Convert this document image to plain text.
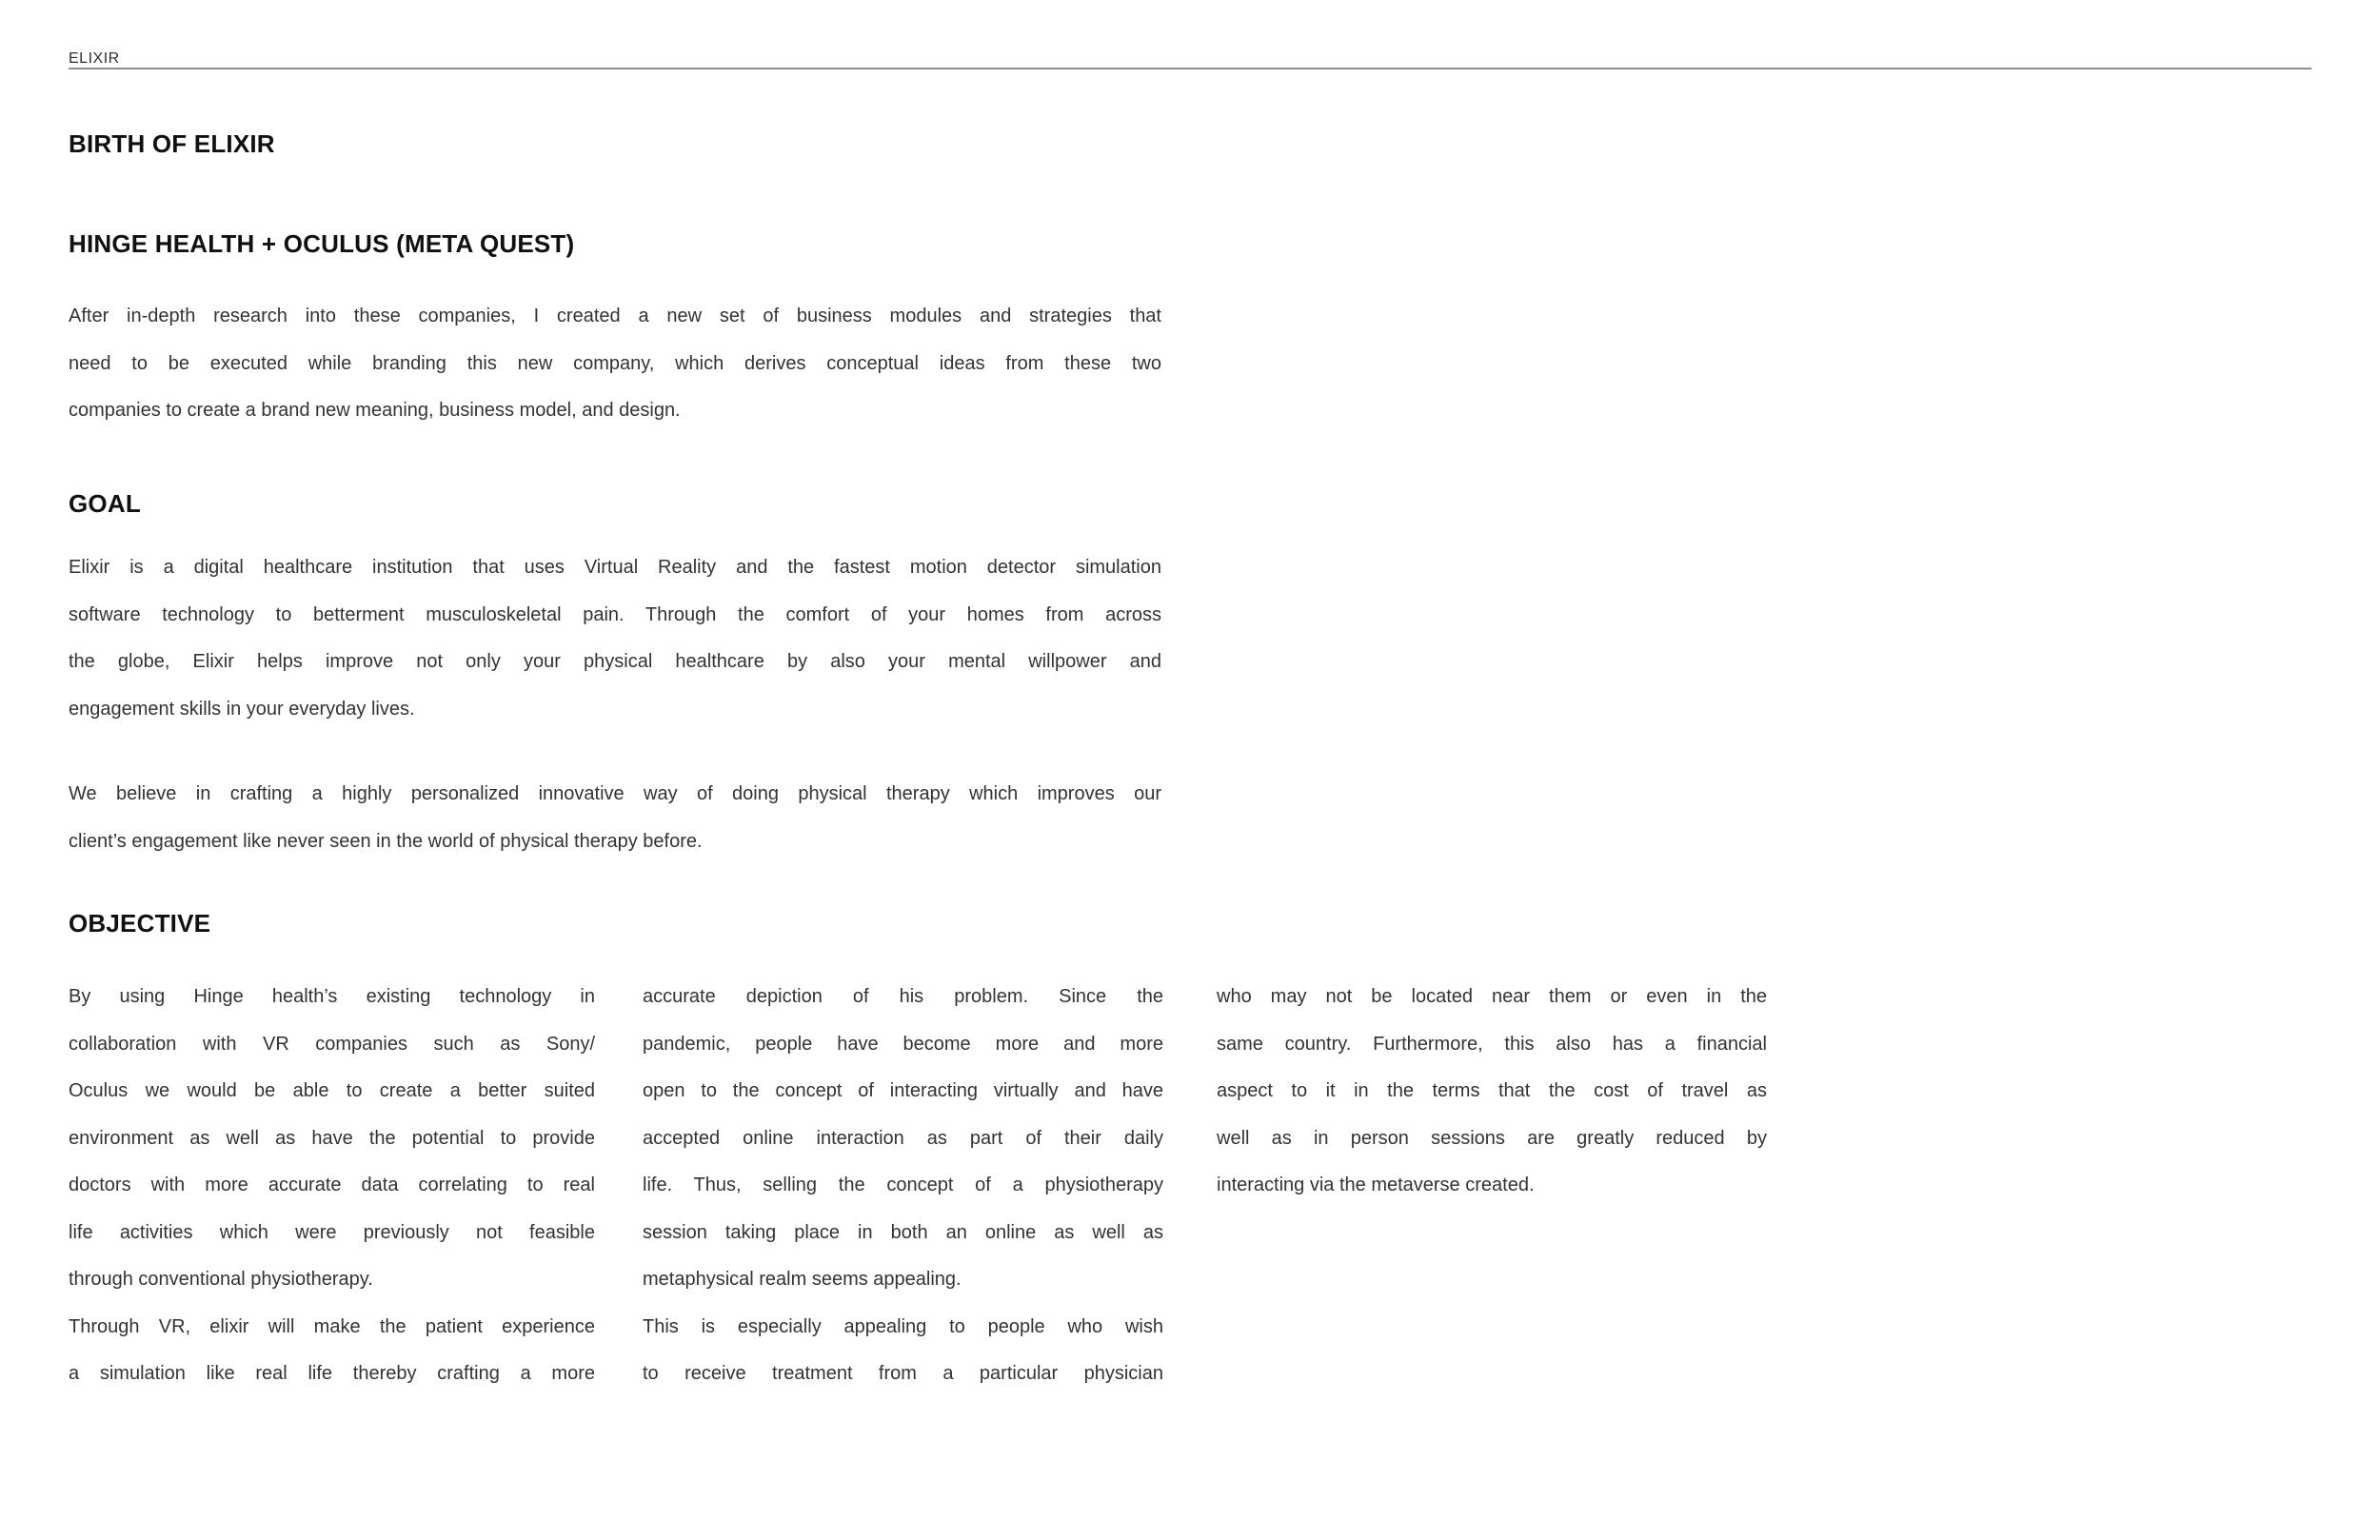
ELIXIR
BIRTH OF ELIXIR
HINGE HEALTH + OCULUS (META QUEST)
After in-depth research into these companies, I created a new set of business modules and strategies that
need to be executed while branding this new company, which derives conceptual ideas from these two
companies to create a brand new meaning, business model, and design.
GOAL
Elixir is a digital healthcare institution that uses Virtual Reality and the fastest motion detector simulation
software technology to betterment musculoskeletal pain. Through the comfort of your homes from across
the globe, Elixir helps improve not only your physical healthcare by also your mental willpower and
engagement skills in your everyday lives.
We believe in crafting a highly personalized innovative way of doing physical therapy which improves our
client’s engagement like never seen in the world of physical therapy before.
OBJECTIVE
By using Hinge health’s existing technology in
collaboration with VR companies such as Sony/
Oculus we would be able to create a better suited
environment as well as have the potential to provide
doctors with more accurate data correlating to real
life activities which were previously not feasible
through conventional physiotherapy.
Through VR, elixir will make the patient experience
a simulation like real life thereby crafting a more
accurate depiction of his problem. Since the
pandemic, people have become more and more
open to the concept of interacting virtually and have
accepted online interaction as part of their daily
life. Thus, selling the concept of a physiotherapy
session taking place in both an online as well as
metaphysical realm seems appealing.
This is especially appealing to people who wish
to receive treatment from a particular physician
who may not be located near them or even in the
same country. Furthermore, this also has a financial
aspect to it in the terms that the cost of travel as
well as in person sessions are greatly reduced by
interacting via the metaverse created.
